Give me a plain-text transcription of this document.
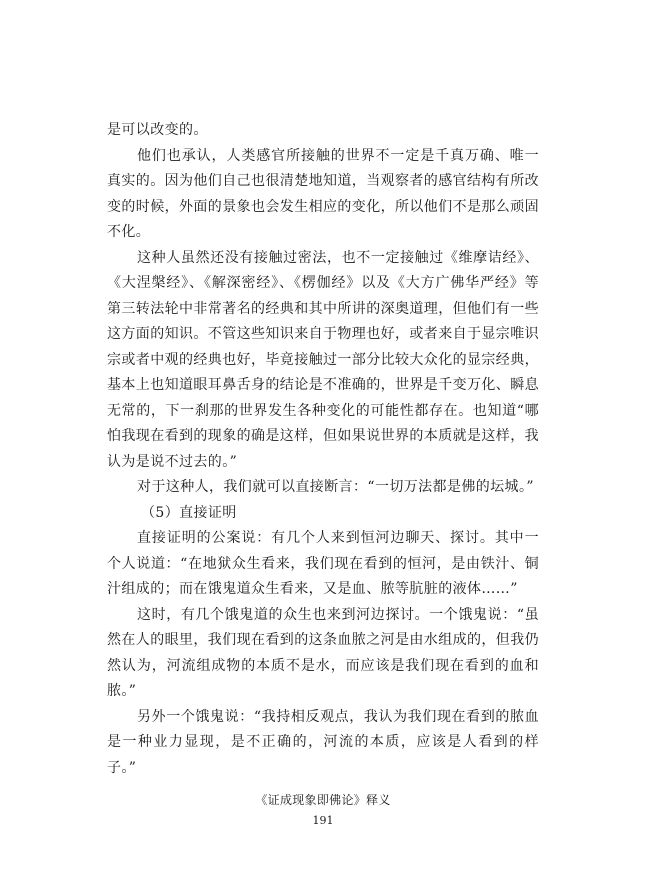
是可以改变的。

他们也承认，人类感官所接触的世界不一定是千真万确、唯一真实的。因为他们自己也很清楚地知道，当观察者的感官结构有所改变的时候，外面的景象也会发生相应的变化，所以他们不是那么顽固不化。

这种人虽然还没有接触过密法，也不一定接触过《维摩诘经》、《大涅槃经》、《解深密经》、《楞伽经》以及《大方广佛华严经》等第三转法轮中非常著名的经典和其中所讲的深奥道理，但他们有一些这方面的知识。不管这些知识来自于物理也好，或者来自于显宗唯识宗或者中观的经典也好，毕竟接触过一部分比较大众化的显宗经典，基本上也知道眼耳鼻舌身的结论是不准确的，世界是千变万化、瞬息无常的，下一刹那的世界发生各种变化的可能性都存在。也知道“哪怕我现在看到的现象的确是这样，但如果说世界的本质就是这样，我认为是说不过去的。”

对于这种人，我们就可以直接断言：“一切万法都是佛的坛城。”

（5）直接证明

直接证明的公案说：有几个人来到恒河边聊天、探讨。其中一个人说道：“在地狱众生看来，我们现在看到的恒河，是由铁汁、铜汁组成的；而在饿鬼道众生看来，又是血、脓等肮脏的液体……”

这时，有几个饿鬼道的众生也来到河边探讨。一个饿鬼说：“虽然在人的眼里，我们现在看到的这条血脓之河是由水组成的，但我仍然认为，河流组成物的本质不是水，而应该是我们现在看到的血和脓。”

另外一个饿鬼说：“我持相反观点，我认为我们现在看到的脓血是一种业力显现，是不正确的，河流的本质，应该是人看到的样子。”

《证成现象即佛论》释义
191
